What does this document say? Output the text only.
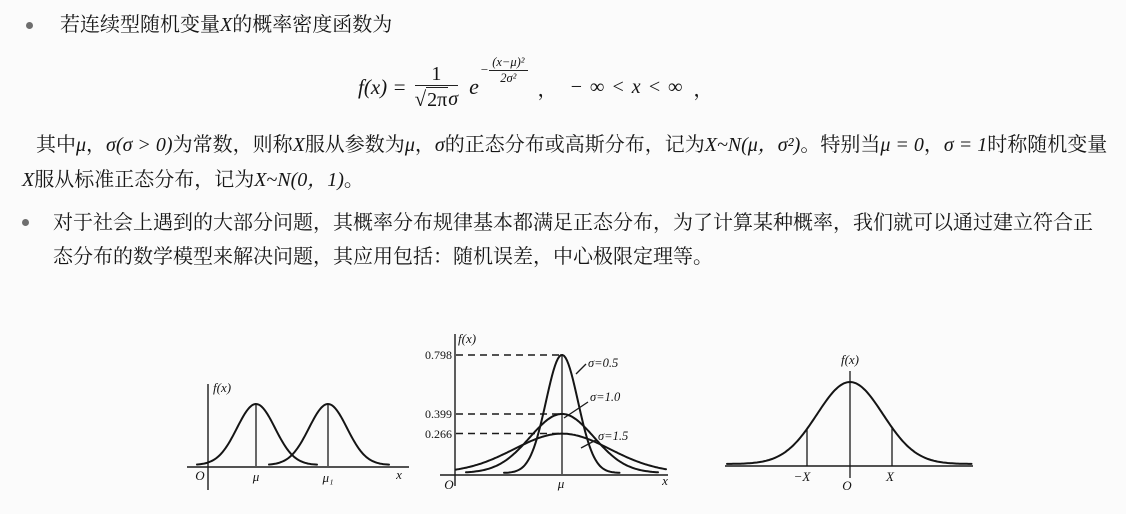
若连续型随机变量X的概率密度函数为
$f(x) = \frac{1}{\text{√ 2π σ}}$ e
− $\frac{\text{(x−μ)²}}{\text{2σ²}}$
， − ∞ < x < ∞ ，
其中μ，σ(σ > 0)为常数，则称X服从参数为μ，σ的正态分布或高斯分布，记为X~N(μ，σ²)。特别当μ = 0，σ = 1时称随机变量X服从标准正态分布，记为X~N(0，1)。
对于社会上遇到的大部分问题，其概率分布规律基本都满足正态分布，为了计算某种概率，我们就可以通过建立符合正态分布的数学模型来解决问题，其应用包括：随机误差，中心极限定理等。
f(x)
O	μ	μ₁	x
f(x)
0.798
0.399
0.266
σ=0.5
σ=1.0
σ=1.5
O	μ	x
f(x)
−X
O
X
